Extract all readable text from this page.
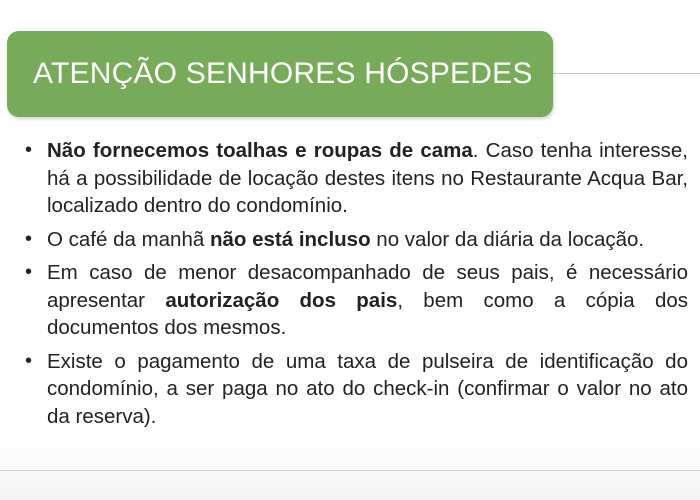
ATENÇÃO SENHORES HÓSPEDES
• Não fornecemos toalhas e roupas de cama. Caso tenha interesse, há a possibilidade de locação destes itens no Restaurante Acqua Bar, localizado dentro do condomínio.
• O café da manhã não está incluso no valor da diária da locação.
• Em caso de menor desacompanhado de seus pais, é necessário apresentar autorização dos pais, bem como a cópia dos documentos dos mesmos.
• Existe o pagamento de uma taxa de pulseira de identificação do condomínio, a ser paga no ato do check-in (confirmar o valor no ato da reserva).
